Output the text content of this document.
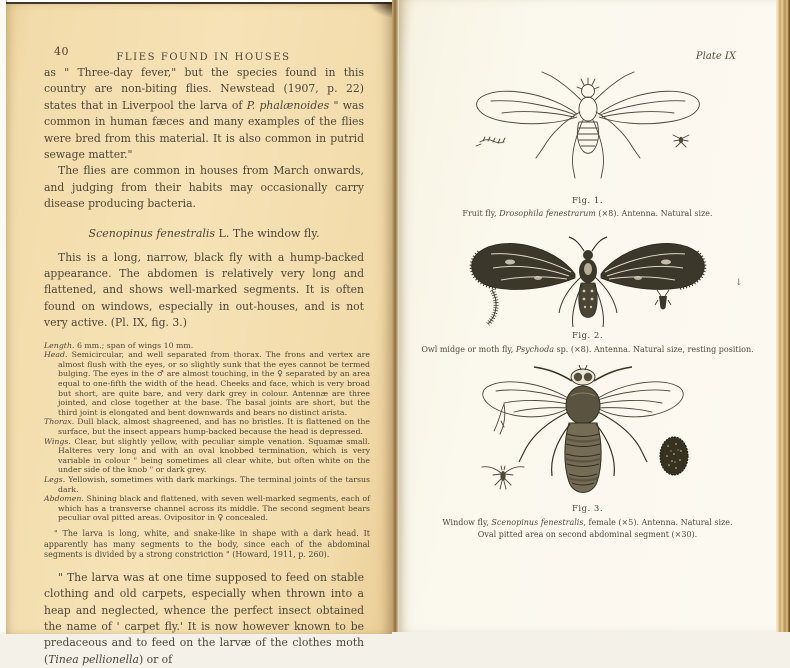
40	FLIES FOUND IN HOUSES

as " Three-day fever," but the species found in this country are non-biting flies. Newstead (1907, p. 22) states that in Liverpool the larva of P. phalænoides " was common in human fæces and many examples of the flies were bred from this material. It is also common in putrid sewage matter."

The flies are common in houses from March onwards, and judging from their habits may occasionally carry disease producing bacteria.

Scenopinus fenestralis L. The window fly.

This is a long, narrow, black fly with a hump-backed appearance. The abdomen is relatively very long and flattened, and shows well-marked segments. It is often found on windows, especially in out-houses, and is not very active. (Pl. IX, fig. 3.)

Length. 6 mm.; span of wings 10 mm.
Head. Semicircular, and well separated from thorax. The frons and vertex are almost flush with the eyes, or so slightly sunk that the eyes cannot be termed bulging. The eyes in the ♂ are almost touching, in the ♀ separated by an area equal to one-fifth the width of the head. Cheeks and face, which is very broad but short, are quite bare, and very dark grey in colour. Antennæ are three jointed, and close together at the base. The basal joints are short, but the third joint is elongated and bent downwards and bears no distinct arista.
Thorax. Dull black, almost shagreened, and has no bristles. It is flattened on the surface, but the insect appears hump-backed because the head is depressed.
Wings. Clear, but slightly yellow, with peculiar simple venation. Squamæ small. Halteres very long and with an oval knobbed termination, which is very variable in colour " being sometimes all clear white, but often white on the under side of the knob " or dark grey.
Legs. Yellowish, sometimes with dark markings. The terminal joints of the tarsus dark.
Abdomen. Shining black and flattened, with seven well-marked segments, each of which has a transverse channel across its middle. The second segment bears peculiar oval pitted areas. Ovipositor in ♀ concealed.

" The larva is long, white, and snake-like in shape with a dark head. It apparently has many segments to the body, since each of the abdominal segments is divided by a strong constriction " (Howard, 1911, p. 260).

" The larva was at one time supposed to feed on stable clothing and old carpets, especially when thrown into a heap and neglected, whence the perfect insect obtained the name of ' carpet fly.' It is now however known to be predaceous and to feed on the larvæ of the clothes moth (Tinea pellionella) or of

Plate IX
Fig. 1.
Fruit fly, Drosophila fenestrarum (×8). Antenna. Natural size.
↓
Fig. 2.
Owl midge or moth fly, Psychoda sp. (×8). Antenna. Natural size, resting position.
Fig. 3.
Window fly, Scenopinus fenestralis, female (×5). Antenna. Natural size.
Oval pitted area on second abdominal segment (×30).
